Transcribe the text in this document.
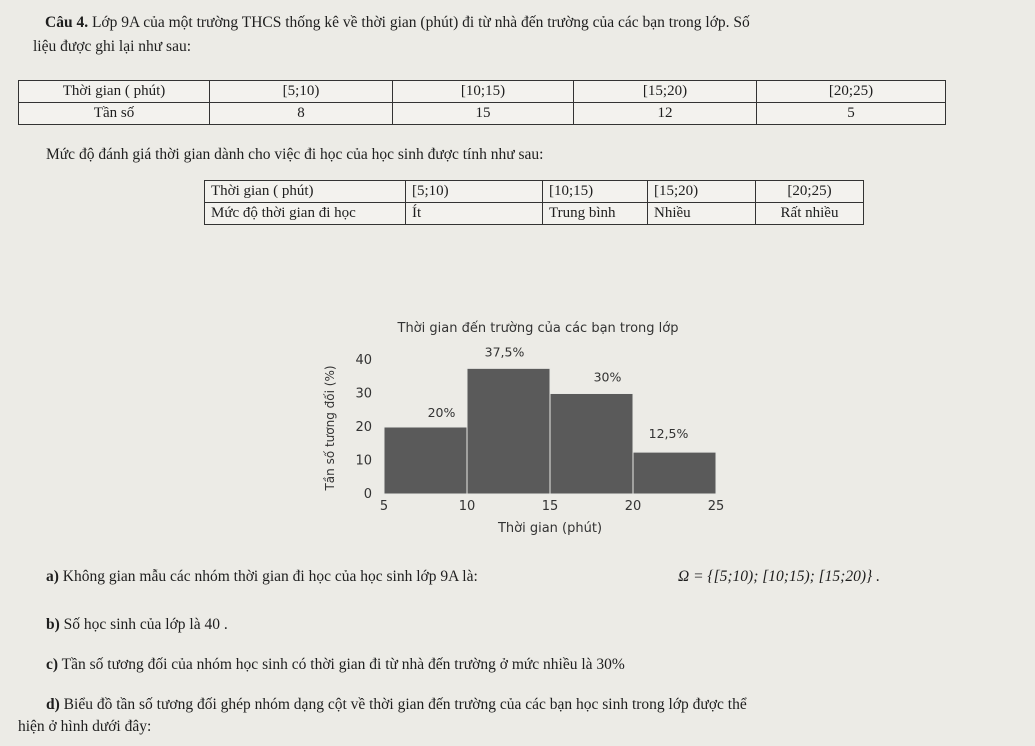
Câu 4. Lớp 9A của một trường THCS thống kê về thời gian (phút) đi từ nhà đến trường của các bạn trong lớp. Số
liệu được ghi lại như sau:
Thời gian ( phút)	[5;10)	[10;15)	[15;20)	[20;25)
Tần số	8	15	12	5
Mức độ đánh giá thời gian dành cho việc đi học của học sinh được tính như sau:
Thời gian ( phút)	[5;10)	[10;15)	[15;20)	[20;25)
Mức độ thời gian đi học	Ít	Trung bình	Nhiều	Rất nhiều
Thời gian đến trường của các bạn trong lớp
20%
37,5%
30%
12,5%
0
10
20
30
40
5	10	15	20	25
Thời gian (phút)
Tần số tương đối (%)
a) Không gian mẫu các nhóm thời gian đi học của học sinh lớp 9A là:	Ω = {[5;10); [10;15); [15;20)} .
b) Số học sinh của lớp là 40 .
c) Tần số tương đối của nhóm học sinh có thời gian đi từ nhà đến trường ở mức nhiều là 30%
d) Biểu đồ tần số tương đối ghép nhóm dạng cột về thời gian đến trường của các bạn học sinh trong lớp được thể
hiện ở hình dưới đây:
